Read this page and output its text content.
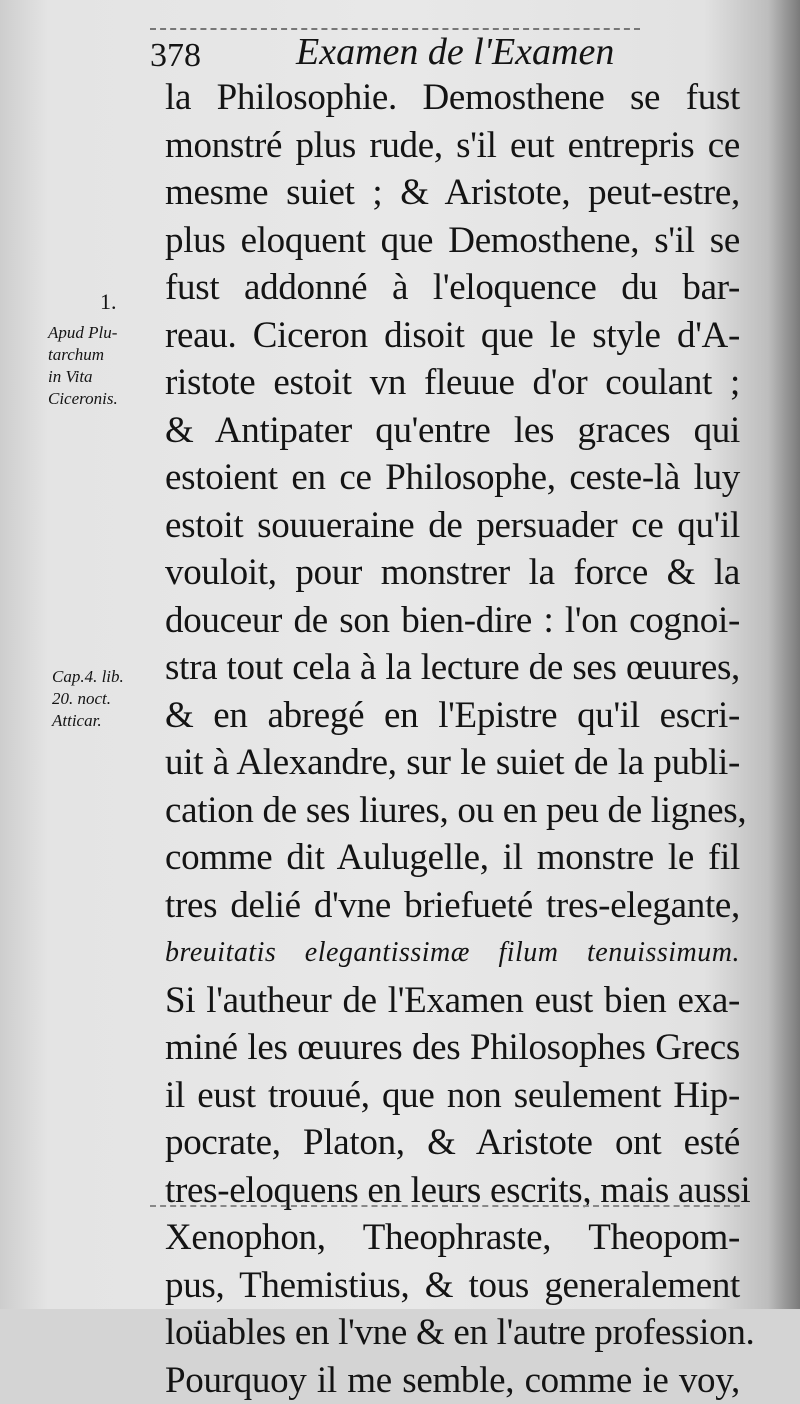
378	Examen de l'Examen
1.
Apud Plu-
tarchum
in Vita
Ciceronis.
Cap.4. lib.
20. noct.
Atticar.
la Philosophie. Demosthene se fust
monstré plus rude, s'il eut entrepris ce
mesme suiet ; & Aristote, peut-estre,
plus eloquent que Demosthene, s'il se
fust addonné à l'eloquence du bar-
reau. Ciceron disoit que le style d'A-
ristote estoit vn fleuue d'or coulant ;
& Antipater qu'entre les graces qui
estoient en ce Philosophe, ceste-là luy
estoit souueraine de persuader ce qu'il
vouloit, pour monstrer la force & la
douceur de son bien-dire : l'on cognoi-
stra tout cela à la lecture de ses œuures,
& en abregé en l'Epistre qu'il escri-
uit à Alexandre, sur le suiet de la publi-
cation de ses liures, ou en peu de lignes,
comme dit Aulugelle, il monstre le fil
tres delié d'vne briefueté tres-elegante,
breuitatis elegantissimæ filum tenuissimum.
Si l'autheur de l'Examen eust bien exa-
miné les œuures des Philosophes Grecs
il eust trouué, que non seulement Hip-
pocrate, Platon, & Aristote ont esté
tres-eloquens en leurs escrits, mais aussi
Xenophon, Theophraste, Theopom-
pus, Themistius, & tous generalement
loüables en l'vne & en l'autre profession.
Pourquoy il me semble, comme ie voy,
